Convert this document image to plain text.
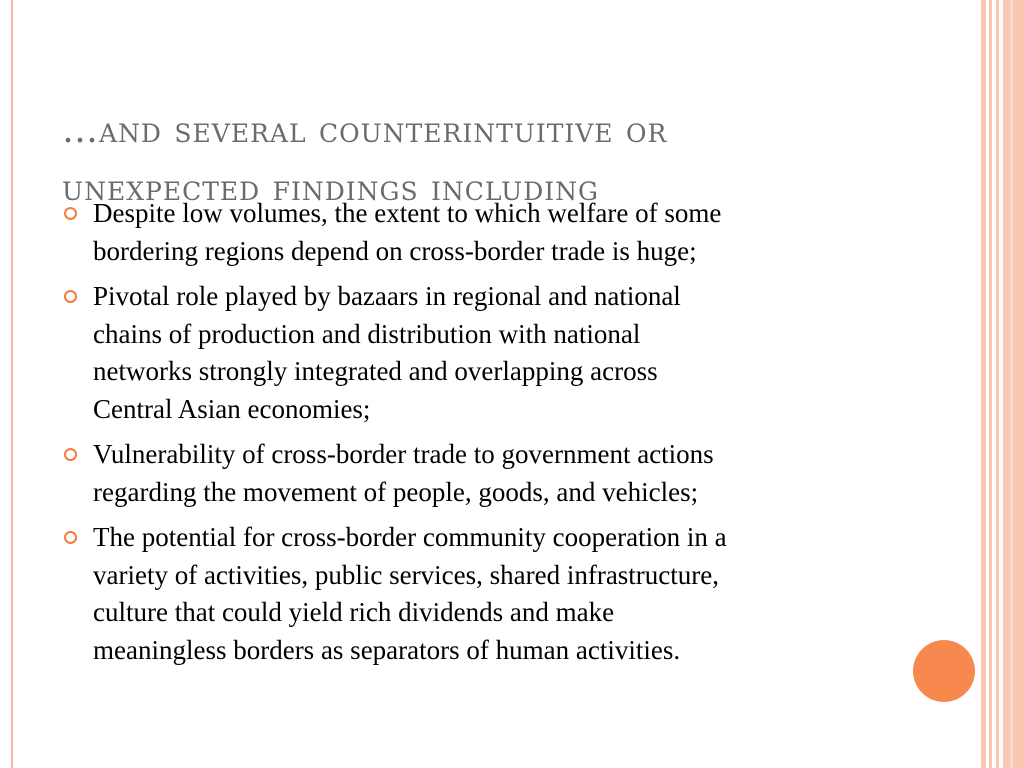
…and several counterintuitive or
unexpected findings including
Despite low volumes, the extent to which welfare of some
bordering regions depend on cross-border trade is huge;
Pivotal role played by bazaars in regional and national
chains of production and distribution with national
networks strongly integrated and overlapping across
Central Asian economies;
Vulnerability of cross-border trade to government actions
regarding the movement of people, goods, and vehicles;
The potential for cross-border community cooperation in a
variety of activities, public services, shared infrastructure,
culture that could yield rich dividends and make
meaningless borders as separators of human activities.
